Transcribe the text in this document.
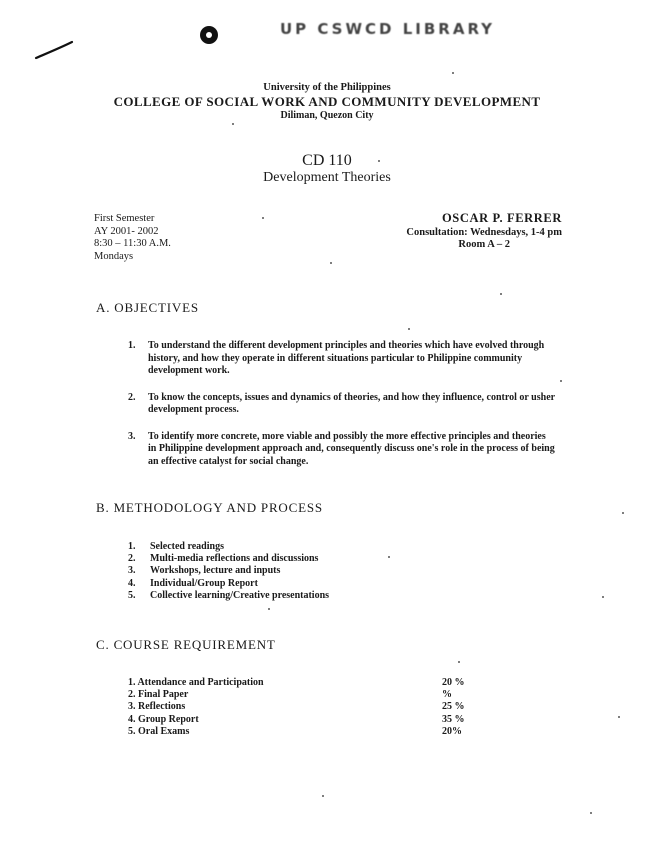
UP CSWCD LIBRARY
University of the Philippines
COLLEGE OF SOCIAL WORK AND COMMUNITY DEVELOPMENT
Diliman, Quezon City
CD 110
Development Theories
First Semester
AY 2001- 2002
8:30 – 11:30 A.M.
Mondays
OSCAR P. FERRER
Consultation: Wednesdays, 1-4 pm
Room A – 2
A. OBJECTIVES
1.	To understand the different development principles and theories which have evolved through history, and how they operate in different situations particular to Philippine community development work.
2.	To know the concepts, issues and dynamics of theories, and how they influence, control or usher development process.
3.	To identify more concrete, more viable and possibly the more effective principles and theories in Philippine development approach and, consequently discuss one's role in the process of being an effective catalyst for social change.
B. METHODOLOGY AND PROCESS
1. Selected readings
2. Multi-media reflections and discussions
3. Workshops, lecture and inputs
4. Individual/Group Report
5. Collective learning/Creative presentations
C. COURSE REQUIREMENT
1. Attendance and Participation	20 %
2. Final Paper	%
3. Reflections	25 %
4. Group Report	35 %
5. Oral Exams	20%
